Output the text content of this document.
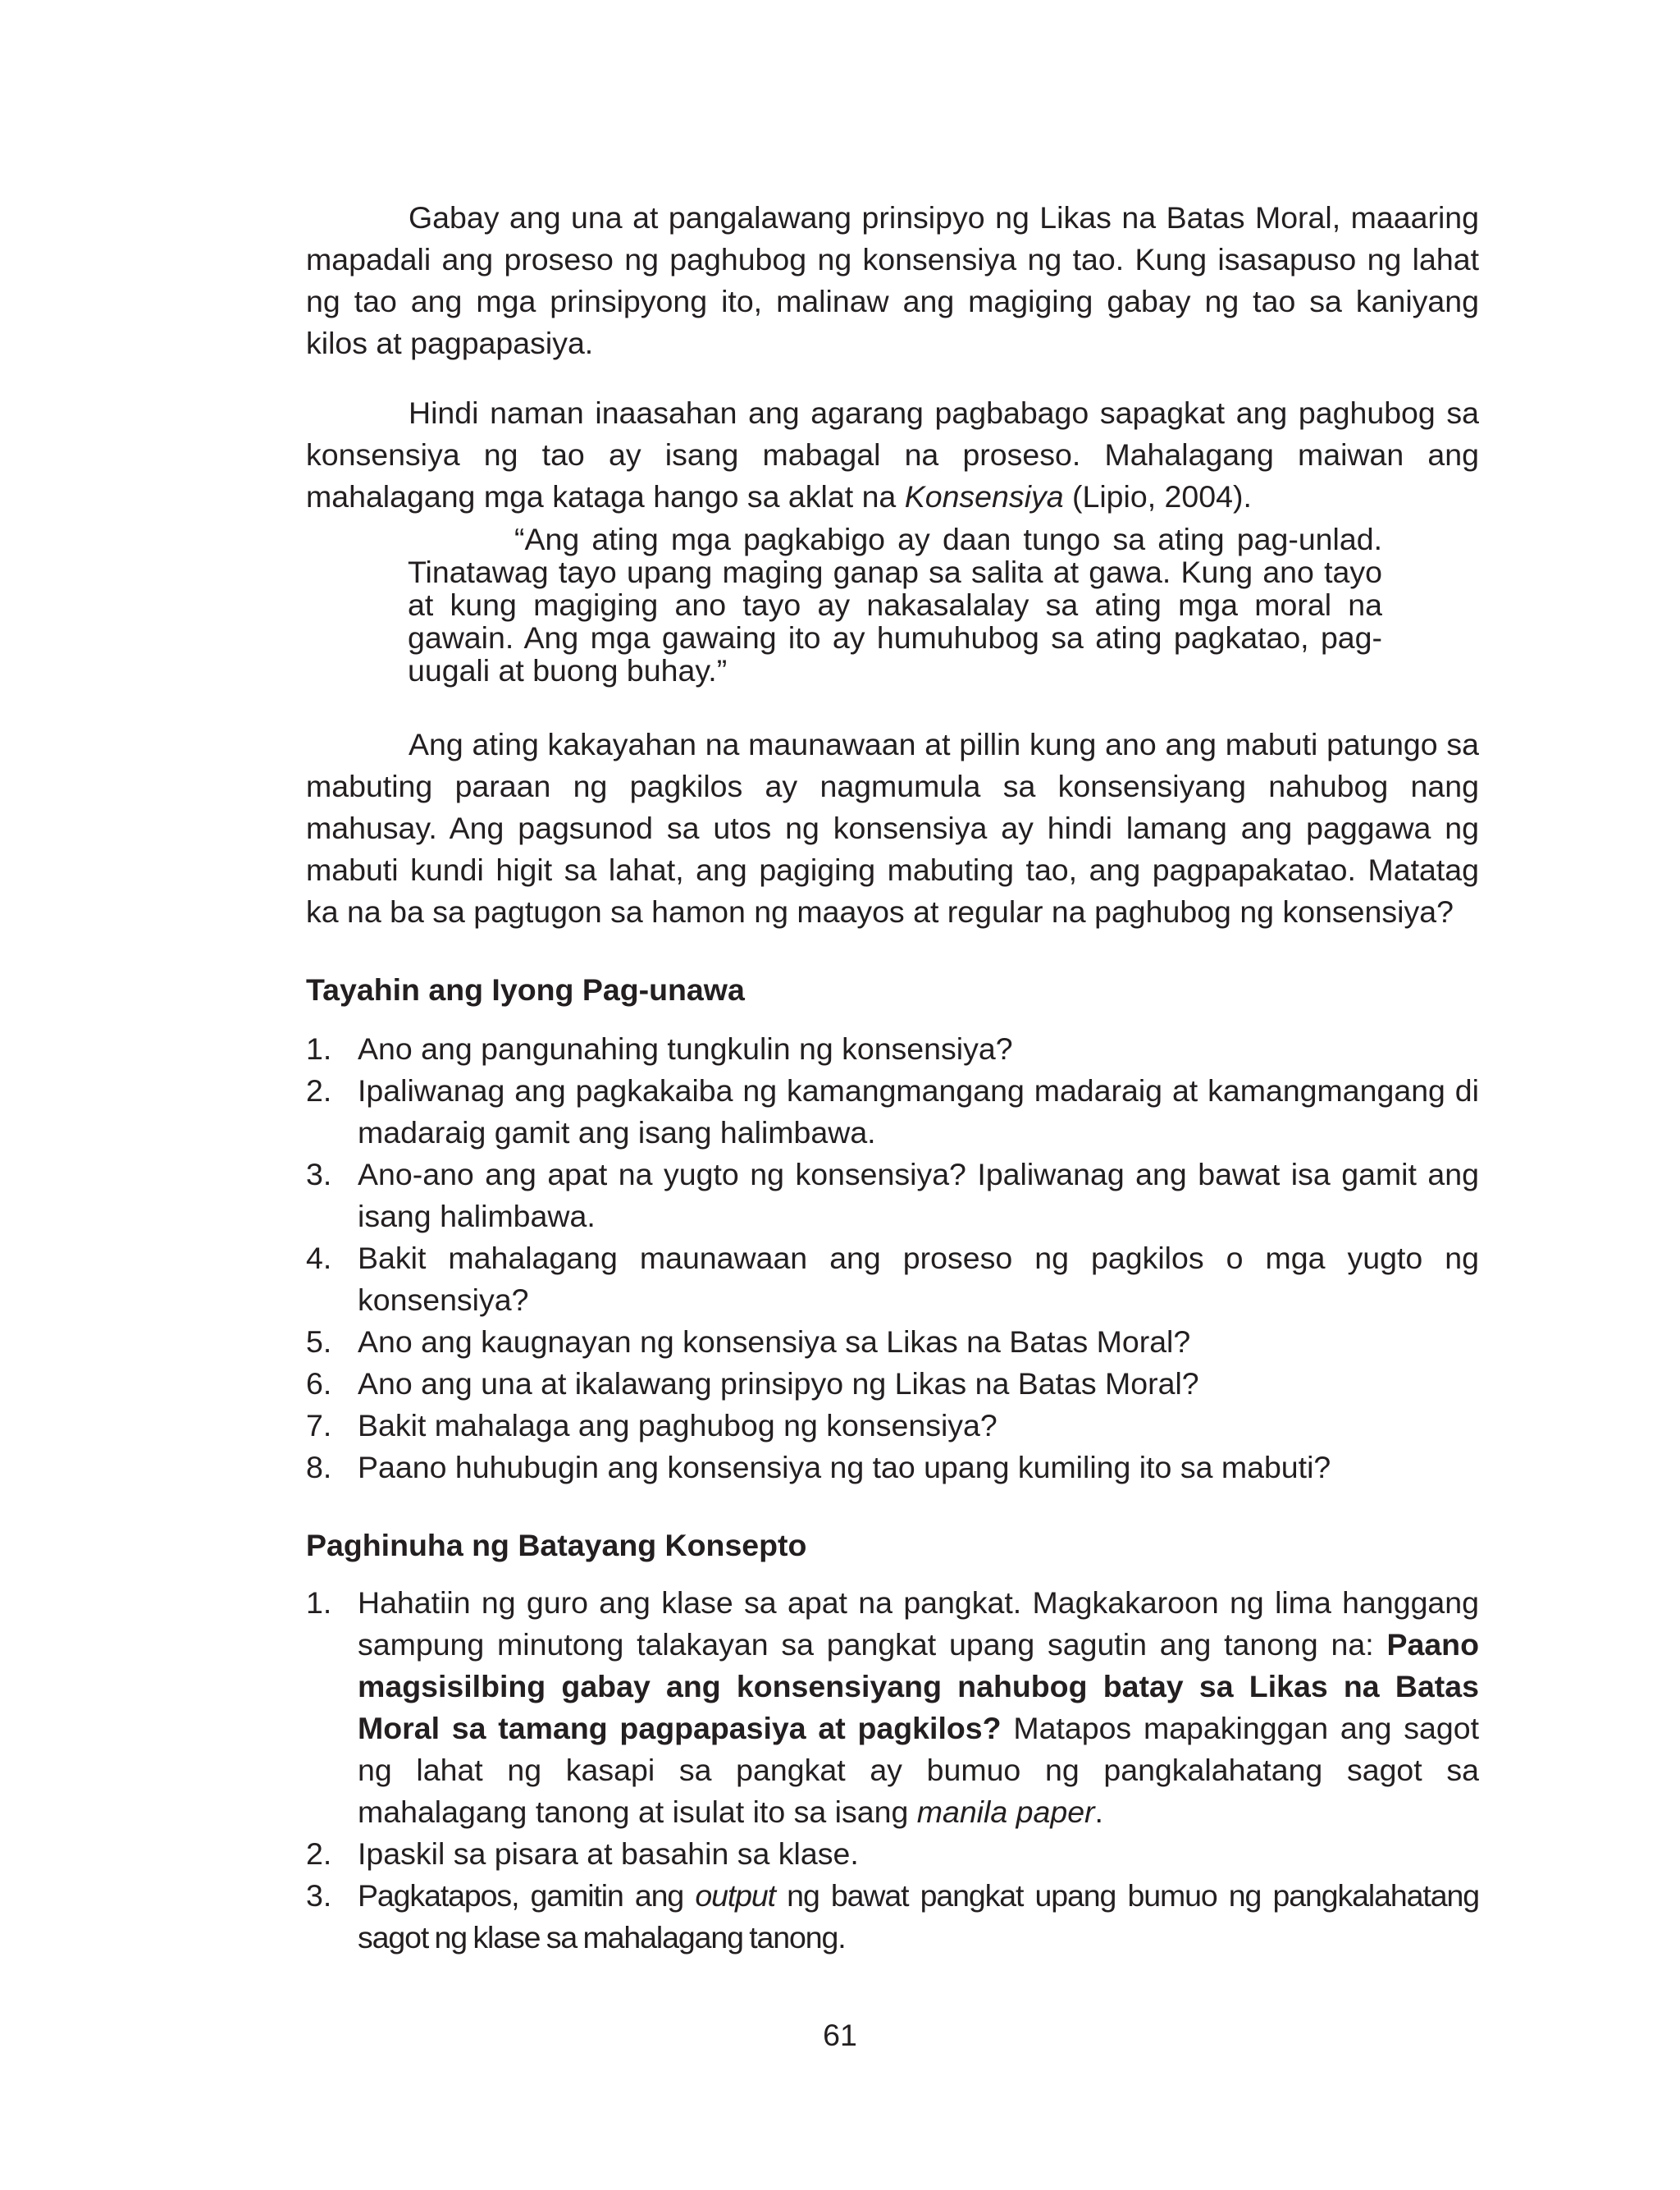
Gabay ang una at pangalawang prinsipyo ng Likas na Batas Moral, maaaring mapadali ang proseso ng paghubog ng konsensiya ng tao. Kung isasapuso ng lahat ng tao ang mga prinsipyong ito, malinaw ang magiging gabay ng tao sa kaniyang kilos at pagpapasiya.

Hindi naman inaasahan ang agarang pagbabago sapagkat ang paghubog sa konsensiya ng tao ay isang mabagal na proseso. Mahalagang maiwan ang mahalagang mga kataga hango sa aklat na Konsensiya (Lipio, 2004).

“Ang ating mga pagkabigo ay daan tungo sa ating pag-unlad. Tinatawag tayo upang maging ganap sa salita at gawa. Kung ano tayo at kung magiging ano tayo ay nakasalalay sa ating mga moral na gawain. Ang mga gawaing ito ay humuhubog sa ating pagkatao, pag-uugali at buong buhay.”

Ang ating kakayahan na maunawaan at pillin kung ano ang mabuti patungo sa mabuting paraan ng pagkilos ay nagmumula sa konsensiyang nahubog nang mahusay. Ang pagsunod sa utos ng konsensiya ay hindi lamang ang paggawa ng mabuti kundi higit sa lahat, ang pagiging mabuting tao, ang pagpapakatao. Matatag ka na ba sa pagtugon sa hamon ng maayos at regular na paghubog ng konsensiya?

Tayahin ang Iyong Pag-unawa
1. Ano ang pangunahing tungkulin ng konsensiya?
2. Ipaliwanag ang pagkakaiba ng kamangmangang madaraig at kamangmangang di madaraig gamit ang isang halimbawa.
3. Ano-ano ang apat na yugto ng konsensiya? Ipaliwanag ang bawat isa gamit ang isang halimbawa.
4. Bakit mahalagang maunawaan ang proseso ng pagkilos o mga yugto ng konsensiya?
5. Ano ang kaugnayan ng konsensiya sa Likas na Batas Moral?
6. Ano ang una at ikalawang prinsipyo ng Likas na Batas Moral?
7. Bakit mahalaga ang paghubog ng konsensiya?
8. Paano huhubugin ang konsensiya ng tao upang kumiling ito sa mabuti?
Paghinuha ng Batayang Konsepto
1. Hahatiin ng guro ang klase sa apat na pangkat. Magkakaroon ng lima hanggang sampung minutong talakayan sa pangkat upang sagutin ang tanong na: Paano magsisilbing gabay ang konsensiyang nahubog batay sa Likas na Batas Moral sa tamang pagpapasiya at pagkilos? Matapos mapakinggan ang sagot ng lahat ng kasapi sa pangkat ay bumuo ng pangkalahatang sagot sa mahalagang tanong at isulat ito sa isang manila paper.
2. Ipaskil sa pisara at basahin sa klase.
3. Pagkatapos, gamitin ang output ng bawat pangkat upang bumuo ng pangkalahatang sagot ng klase sa mahalagang tanong.
61
